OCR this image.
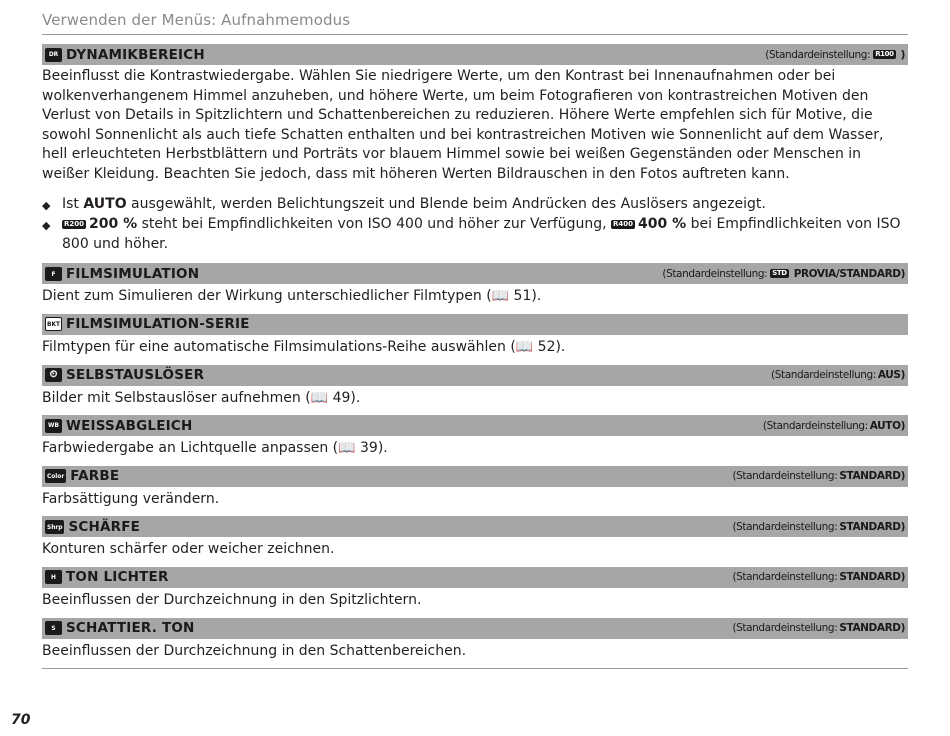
Verwenden der Menüs: Aufnahmemodus
DR DYNAMIKBEREICH	(Standardeinstellung: R100 )
Beeinflusst die Kontrastwiedergabe. Wählen Sie niedrigere Werte, um den Kontrast bei Innenaufnahmen oder bei wolkenverhangenem Himmel anzuheben, und höhere Werte, um beim Fotografieren von kontrastreichen Motiven den Verlust von Details in Spitzlichtern und Schattenbereichen zu reduzieren. Höhere Werte empfehlen sich für Motive, die sowohl Sonnenlicht als auch tiefe Schatten enthalten und bei kontrastreichen Motiven wie Sonnenlicht auf dem Wasser, hell erleuchteten Herbstblättern und Porträts vor blauem Himmel sowie bei weißen Gegenständen oder Menschen in weißer Kleidung. Beachten Sie jedoch, dass mit höheren Werten Bildrauschen in den Fotos auftreten kann.
◆ Ist AUTO ausgewählt, werden Belichtungszeit und Blende beim Andrücken des Auslösers angezeigt.
◆	R200 200 % steht bei Empfindlichkeiten von ISO 400 und höher zur Verfügung, R400 400 % bei Empfindlichkeiten von ISO 800 und höher.
F FILMSIMULATION	(Standardeinstellung: STD PROVIA/STANDARD)
Dient zum Simulieren der Wirkung unterschiedlicher Filmtypen (📖 51).
BKT FILMSIMULATION-SERIE
Filmtypen für eine automatische Filmsimulations-Reihe auswählen (📖 52).
⏲ SELBSTAUSLÖSER	(Standardeinstellung: AUS)
Bilder mit Selbstauslöser aufnehmen (📖 49).
WB WEISSABGLEICH	(Standardeinstellung: AUTO)
Farbwiedergabe an Lichtquelle anpassen (📖 39).
Color FARBE	(Standardeinstellung: STANDARD)
Farbsättigung verändern.
Shrp SCHÄRFE	(Standardeinstellung: STANDARD)
Konturen schärfer oder weicher zeichnen.
H TON LICHTER	(Standardeinstellung: STANDARD)
Beeinflussen der Durchzeichnung in den Spitzlichtern.
S SCHATTIER. TON	(Standardeinstellung: STANDARD)
Beeinflussen der Durchzeichnung in den Schattenbereichen.
70
